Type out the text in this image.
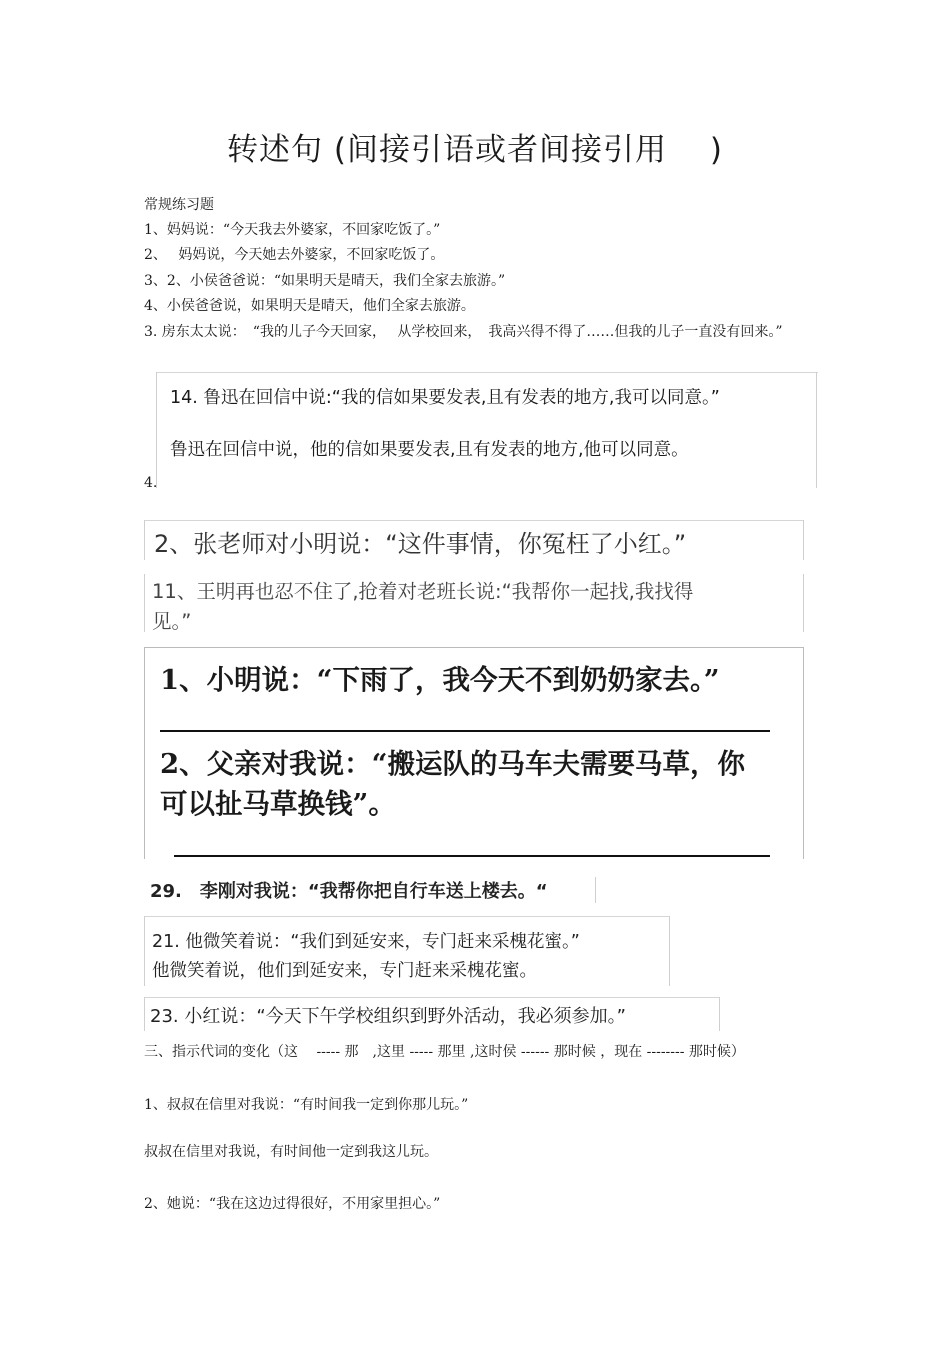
转述句 (间接引语或者间接引用　 )
常规练习题
1、妈妈说：“今天我去外婆家，不回家吃饭了。”
2、　 妈妈说，今天她去外婆家，不回家吃饭了。
3、2、小侯爸爸说：“如果明天是晴天，我们全家去旅游。”
4、小侯爸爸说，如果明天是晴天，他们全家去旅游。
3. 房东太太说：　“我的儿子今天回家，　 从学校回来，　我高兴得不得了……但我的儿子一直没有回来。”
14. 鲁迅在回信中说:“我的信如果要发表,且有发表的地方,我可以同意。”
鲁迅在回信中说，他的信如果要发表,且有发表的地方,他可以同意。
4.
2、张老师对小明说：“这件事情，你冤枉了小红。”
11、王明再也忍不住了,抢着对老班长说:“我帮你一起找,我找得
见。”
1、小明说：“下雨了，我今天不到奶奶家去。”
2、父亲对我说：“搬运队的马车夫需要马草，你
可以扯马草换钱”。
29.　李刚对我说：“我帮你把自行车送上楼去。“
21. 他微笑着说：“我们到延安来，专门赶来采槐花蜜。”
他微笑着说，他们到延安来，专门赶来采槐花蜜。
23. 小红说：“今天下午学校组织到野外活动，我必须参加。”
三、指示代词的变化（这　 ----- 那　,这里 ----- 那里 ,这时侯 ------ 那时候 ，现在 -------- 那时候）
1、叔叔在信里对我说：“有时间我一定到你那儿玩。”
叔叔在信里对我说，有时间他一定到我这儿玩。
2、她说：“我在这边过得很好，不用家里担心。”
